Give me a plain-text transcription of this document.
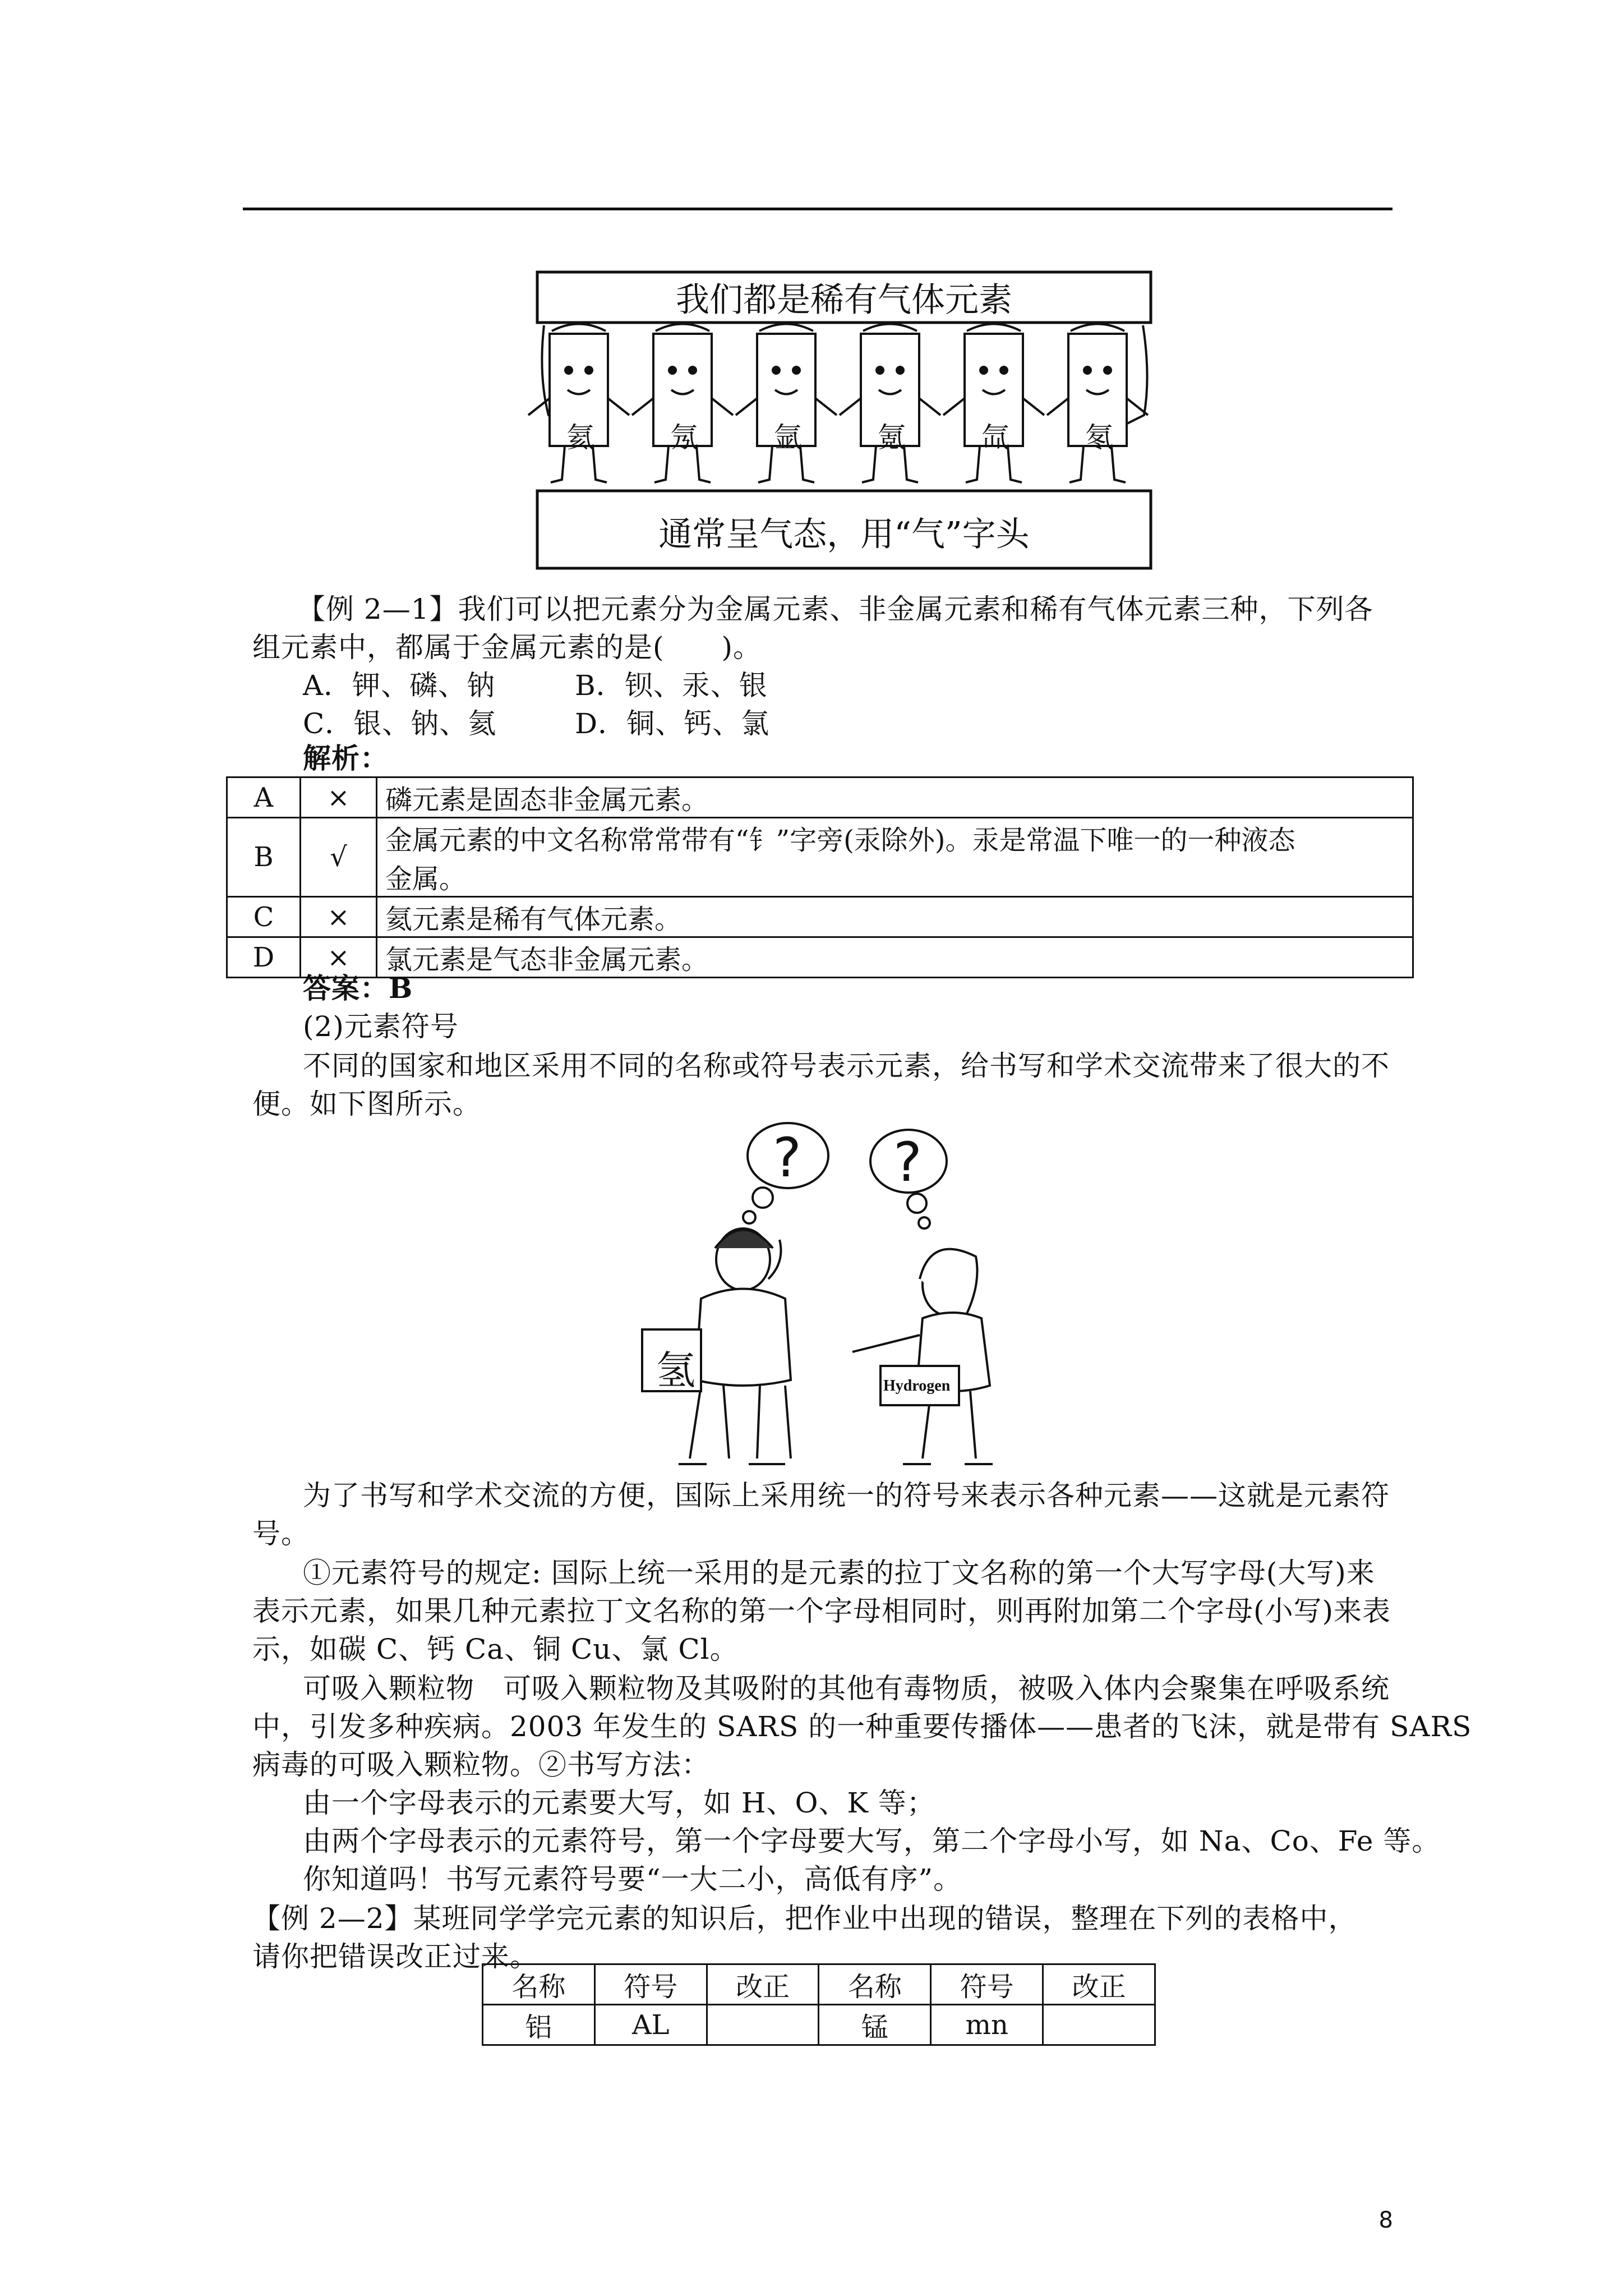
我们都是稀有气体元素
通常呈气态，用“气”字头
氦	氖	氩	氪	氙	氡
【例 2—1】我们可以把元素分为金属元素、非金属元素和稀有气体元素三种，下列各
组元素中，都属于金属元素的是(　　)。
A．钾、磷、钠	B．钡、汞、银
C．银、钠、氦	D．铜、钙、氯
解析：
A	×	磷元素是固态非金属元素。
B	√	金属元素的中文名称常常带有“钅”字旁(汞除外)。汞是常温下唯一的一种液态
金属。

C	×	氦元素是稀有气体元素。
D	×	氯元素是气态非金属元素。
答案：B
(2)元素符号
不同的国家和地区采用不同的名称或符号表示元素，给书写和学术交流带来了很大的不
便。如下图所示。
? ?
氢	Hydrogen
为了书写和学术交流的方便，国际上采用统一的符号来表示各种元素——这就是元素符
号。
①元素符号的规定: 国际上统一采用的是元素的拉丁文名称的第一个大写字母(大写)来
表示元素，如果几种元素拉丁文名称的第一个字母相同时，则再附加第二个字母(小写)来表
示，如碳 C、钙 Ca、铜 Cu、氯 Cl。
可吸入颗粒物　可吸入颗粒物及其吸附的其他有毒物质，被吸入体内会聚集在呼吸系统
中，引发多种疾病。2003 年发生的 SARS 的一种重要传播体——患者的飞沫，就是带有 SARS
病毒的可吸入颗粒物。②书写方法：
由一个字母表示的元素要大写，如 H、O、K 等；
由两个字母表示的元素符号，第一个字母要大写，第二个字母小写，如 Na、Co、Fe 等。
你知道吗！书写元素符号要“一大二小，高低有序”。
【例 2—2】某班同学学完元素的知识后，把作业中出现的错误，整理在下列的表格中，
请你把错误改正过来。
名称	符号	改正	名称	符号	改正
铝	AL		锰	mn	
8
